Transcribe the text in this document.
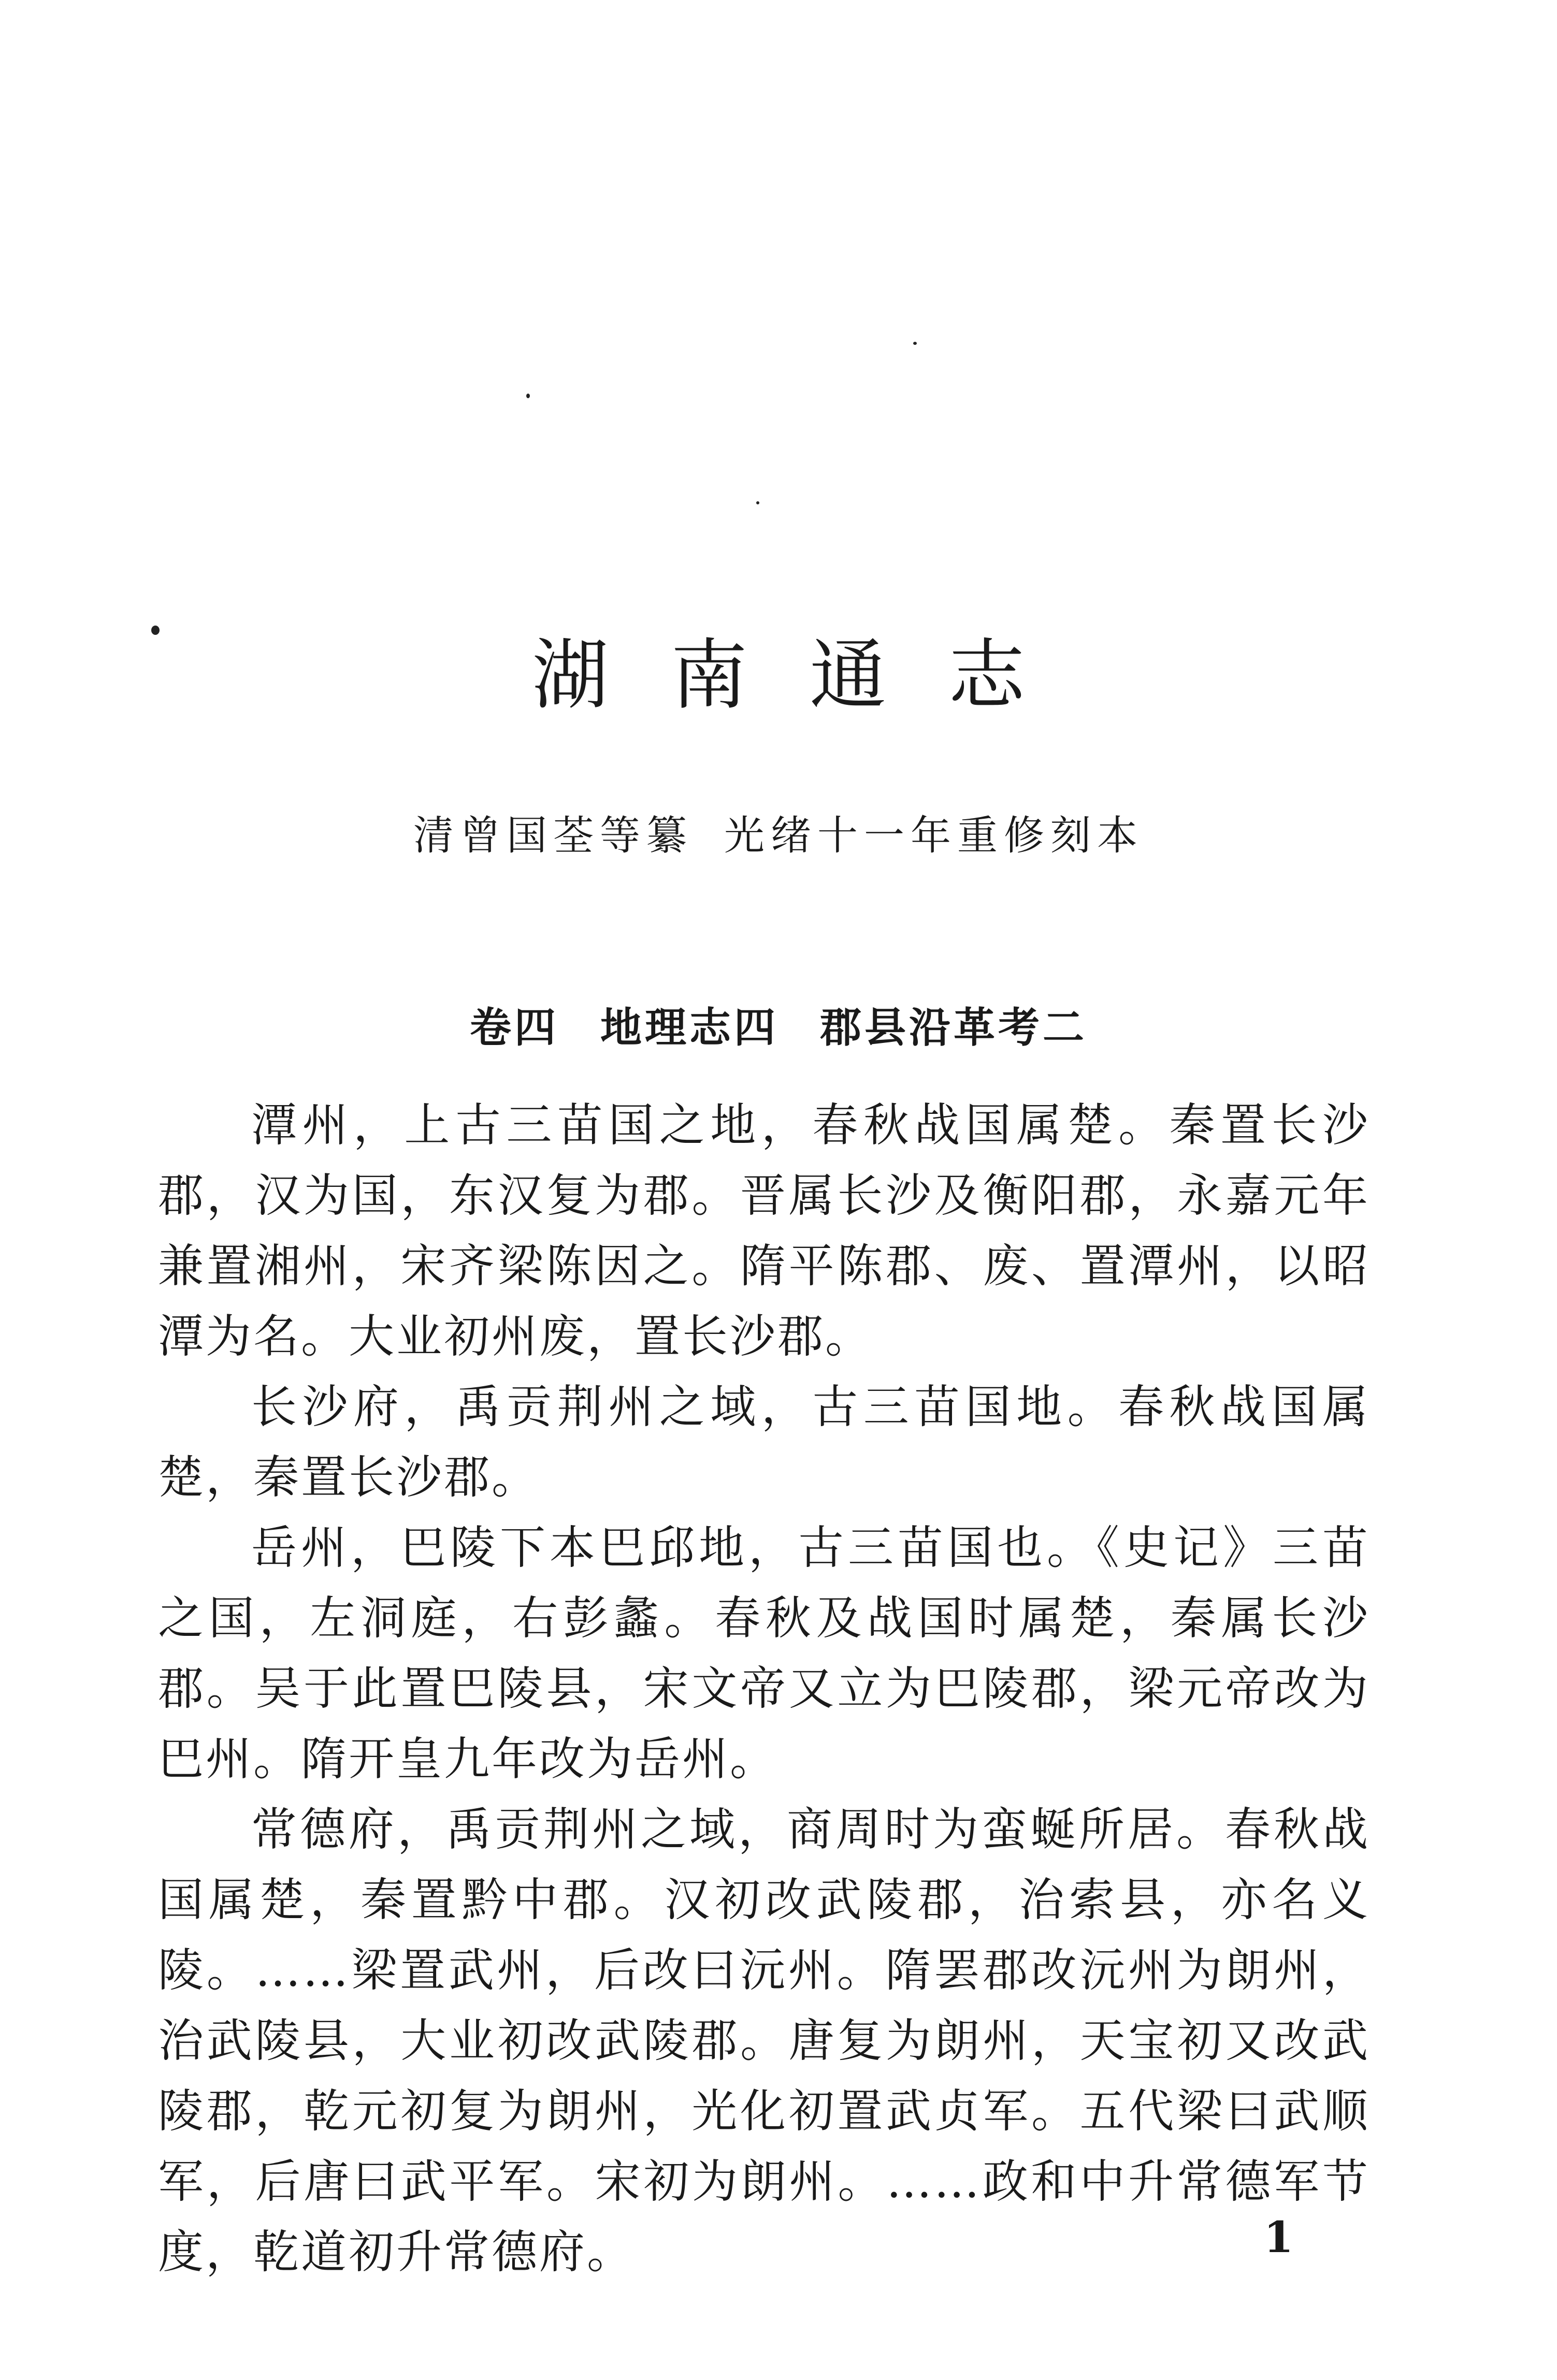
湖南通志
清曾国荃等纂 光绪十一年重修刻本
卷四 地理志四 郡县沿革考二

潭州，上古三苗国之地，春秋战国属楚。秦置长沙郡，汉为国，东汉复为郡。晋属长沙及衡阳郡，永嘉元年兼置湘州，宋齐梁陈因之。隋平陈郡、废、置潭州，以昭潭为名。大业初州废，置长沙郡。

长沙府，禹贡荆州之域，古三苗国地。春秋战国属楚，秦置长沙郡。

岳州，巴陵下本巴邱地，古三苗国也。《史记》三苗之国，左洞庭，右彭蠡。春秋及战国时属楚，秦属长沙郡。吴于此置巴陵县，宋文帝又立为巴陵郡，梁元帝改为巴州。隋开皇九年改为岳州。

常德府，禹贡荆州之域，商周时为蛮蜒所居。春秋战国属楚，秦置黔中郡。汉初改武陵郡，治索县，亦名义陵。……梁置武州，后改曰沅州。隋罢郡改沅州为朗州，治武陵县，大业初改武陵郡。唐复为朗州，天宝初又改武陵郡，乾元初复为朗州，光化初置武贞军。五代梁曰武顺军，后唐曰武平军。宋初为朗州。……政和中升常德军节度，乾道初升常德府。	1
